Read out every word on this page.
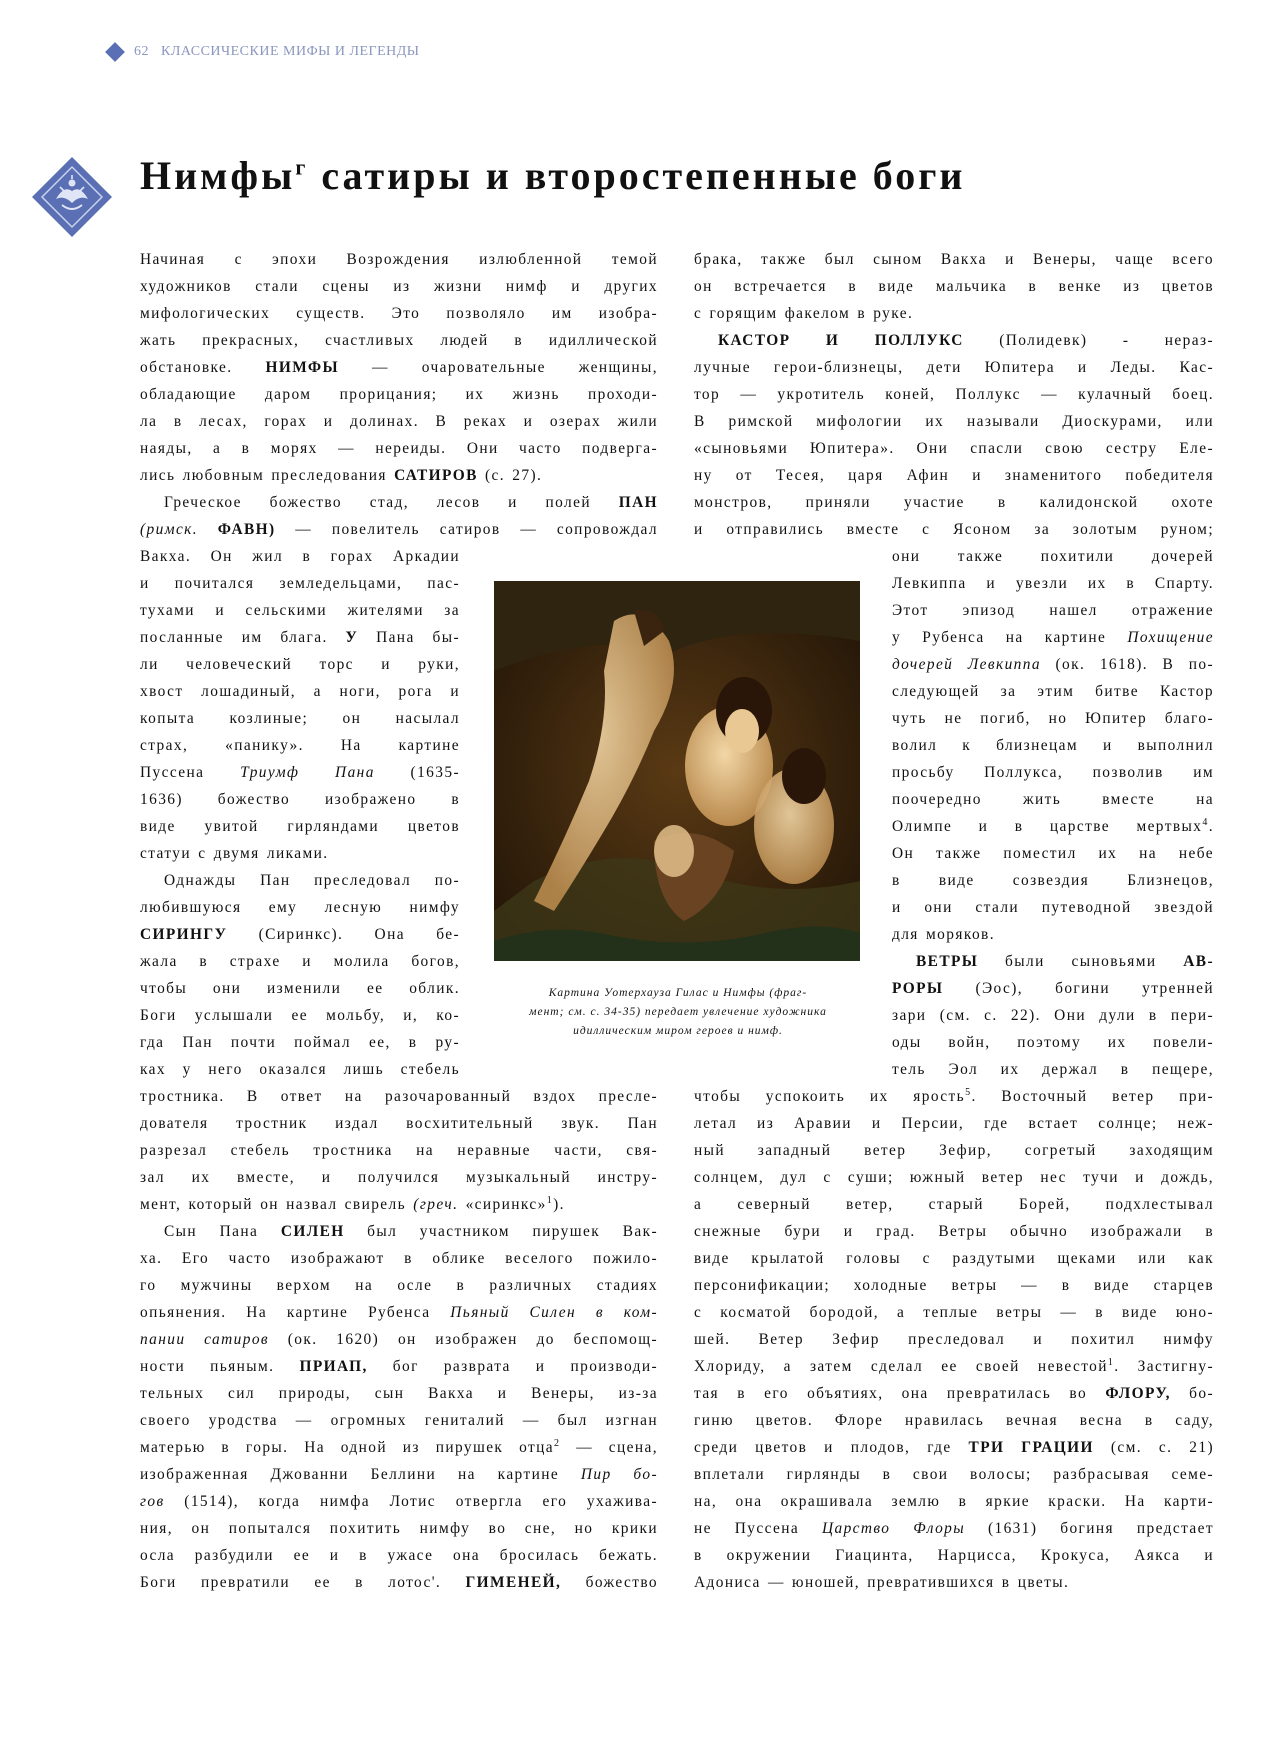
62 КЛАССИЧЕСКИЕ МИФЫ И ЛЕГЕНДЫ
Нимфы$^г$ сатиры и второстепенные боги

Начиная с эпохи Возрождения излюбленной темой

художников стали сцены из жизни нимф и других

мифологических существ. Это позволяло им изобра-

жать прекрасных, счастливых людей в идиллической

обстановке. НИМФЫ — очаровательные женщины,

обладающие даром прорицания; их жизнь проходи-

ла в лесах, горах и долинах. В реках и озерах жили

наяды, а в морях — нереиды. Они часто подверга-

лись любовным преследования САТИРОВ (с. 27).

Греческое божество стад, лесов и полей ПАН

(римск. ФАВН) — повелитель сатиров — сопровождал

Вакха. Он жил в горах Аркадии

и почитался земледельцами, пас-

тухами и сельскими жителями за

посланные им блага. У Пана бы-

ли человеческий торс и руки,

хвост лошадиный, а ноги, рога и

копыта козлиные; он насылал

страх, «панику». На картине

Пуссена Триумф Пана (1635-

1636) божество изображено в

виде увитой гирляндами цветов

статуи с двумя ликами.

Однажды Пан преследовал по-

любившуюся ему лесную нимфу

СИРИНГУ (Сиринкс). Она бе-

жала в страхе и молила богов,

чтобы они изменили ее облик.

Боги услышали ее мольбу, и, ко-

гда Пан почти поймал ее, в ру-

ках у него оказался лишь стебель

тростника. В ответ на разочарованный вздох пресле-

дователя тростник издал восхитительный звук. Пан

разрезал стебель тростника на неравные части, свя-

зал их вместе, и получился музыкальный инстру-

мент, который он назвал свирель (греч. «сиринкс»$^1$).

Сын Пана СИЛЕН был участником пирушек Вак-

ха. Его часто изображают в облике веселого пожило-

го мужчины верхом на осле в различных стадиях

опьянения. На картине Рубенса Пьяный Силен в ком-

пании сатиров (ок. 1620) он изображен до беспомощ-

ности пьяным. ПРИАП, бог разврата и производи-

тельных сил природы, сын Вакха и Венеры, из-за

своего уродства — огромных гениталий — был изгнан

матерью в горы. На одной из пирушек отца$^2$ — сцена,

изображенная Джованни Беллини на картине Пир бо-

гов (1514), когда нимфа Лотис отвергла его ухажива-

ния, он попытался похитить нимфу во сне, но крики

осла разбудили ее и в ужасе она бросилась бежать.

Боги превратили ее в лотос'. ГИМЕНЕЙ, божество

брака, также был сыном Вакха и Венеры, чаще всего

он встречается в виде мальчика в венке из цветов

с горящим факелом в руке.

КАСТОР И ПОЛЛУКС (Полидевк) - нераз-

лучные герои-близнецы, дети Юпитера и Леды. Кас-

тор — укротитель коней, Поллукс — кулачный боец.

В римской мифологии их называли Диоскурами, или

«сыновьями Юпитера». Они спасли свою сестру Еле-

ну от Тесея, царя Афин и знаменитого победителя

монстров, приняли участие в калидонской охоте

и отправились вместе с Ясоном за золотым руном;

они также похитили дочерей

Левкиппа и увезли их в Спарту.

Этот эпизод нашел отражение

у Рубенса на картине Похищение

дочерей Левкиппа (ок. 1618). В по-

следующей за этим битве Кастор

чуть не погиб, но Юпитер благо-

волил к близнецам и выполнил

просьбу Поллукса, позволив им

поочередно жить вместе на

Олимпе и в царстве мертвых$^4$.

Он также поместил их на небе

в виде созвездия Близнецов,

и они стали путеводной звездой

для моряков.

ВЕТРЫ были сыновьями АВ-

РОРЫ (Эос), богини утренней

зари (см. с. 22). Они дули в пери-

оды войн, поэтому их повели-

тель Эол их держал в пещере,

чтобы успокоить их ярость$^5$. Восточный ветер при-

летал из Аравии и Персии, где встает солнце; неж-

ный западный ветер Зефир, согретый заходящим

солнцем, дул с суши; южный ветер нес тучи и дождь,

а северный ветер, старый Борей, подхлестывал

снежные бури и град. Ветры обычно изображали в

виде крылатой головы с раздутыми щеками или как

персонификации; холодные ветры — в виде старцев

с косматой бородой, а теплые ветры — в виде юно-

шей. Ветер Зефир преследовал и похитил нимфу

Хлориду, а затем сделал ее своей невестой$^1$. Застигну-

тая в его объятиях, она превратилась во ФЛОРУ, бо-

гиню цветов. Флоре нравилась вечная весна в саду,

среди цветов и плодов, где ТРИ ГРАЦИИ (см. с. 21)

вплетали гирлянды в свои волосы; разбрасывая семе-

на, она окрашивала землю в яркие краски. На карти-

не Пуссена Царство Флоры (1631) богиня предстает

в окружении Гиацинта, Нарцисса, Крокуса, Аякса и

Адониса — юношей, превратившихся в цветы.

Картина Уотерхауза Гилас и Нимфы (фраг-

мент; см. с. 34-35) передает увлечение художника

идиллическим миром героев и нимф.
